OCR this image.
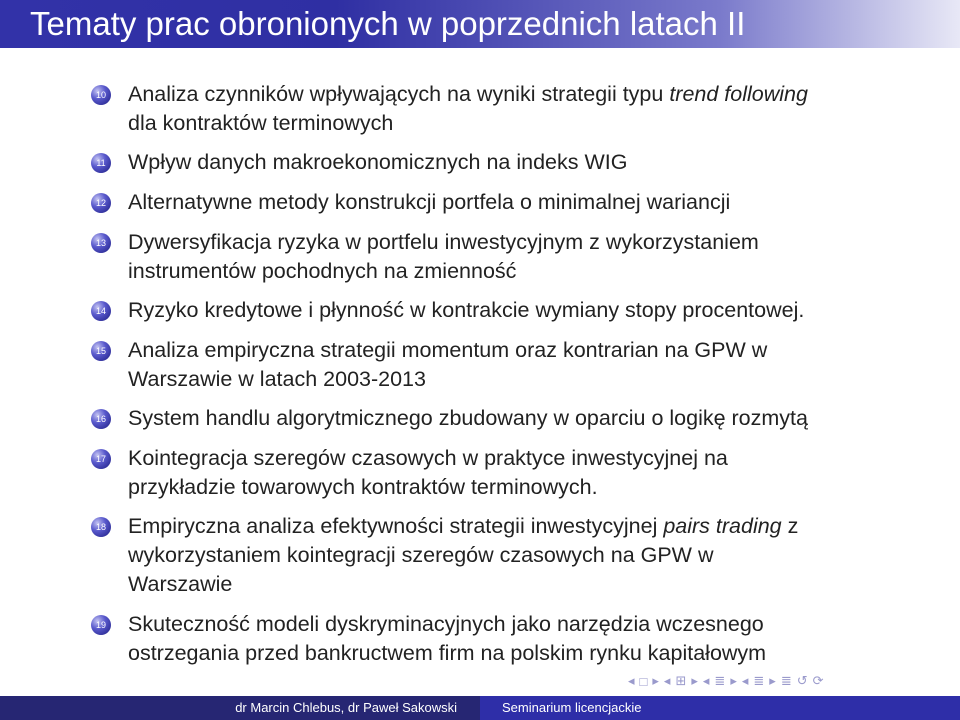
Tematy prac obronionych w poprzednich latach II
10 Analiza czynników wpływających na wyniki strategii typu trend following
dla kontraktów terminowych
11 Wpływ danych makroekonomicznych na indeks WIG
12 Alternatywne metody konstrukcji portfela o minimalnej wariancji
13 Dywersyfikacja ryzyka w portfelu inwestycyjnym z wykorzystaniem
instrumentów pochodnych na zmienność
14 Ryzyko kredytowe i płynność w kontrakcie wymiany stopy procentowej.
15 Analiza empiryczna strategii momentum oraz kontrarian na GPW w
Warszawie w latach 2003-2013
16 System handlu algorytmicznego zbudowany w oparciu o logikę rozmytą
17 Kointegracja szeregów czasowych w praktyce inwestycyjnej na
przykładzie towarowych kontraktów terminowych.
18 Empiryczna analiza efektywności strategii inwestycyjnej pairs trading z
wykorzystaniem kointegracji szeregów czasowych na GPW w
Warszawie
19 Skuteczność modeli dyskryminacyjnych jako narzędzia wczesnego
ostrzegania przed bankructwem firm na polskim rynku kapitałowym
◂ □ ▸ ◂ ⊞ ▸ ◂ ≣ ▸ ◂ ≣ ▸ ≣ ↺ ⟳
dr Marcin Chlebus, dr Paweł Sakowski	Seminarium licencjackie
